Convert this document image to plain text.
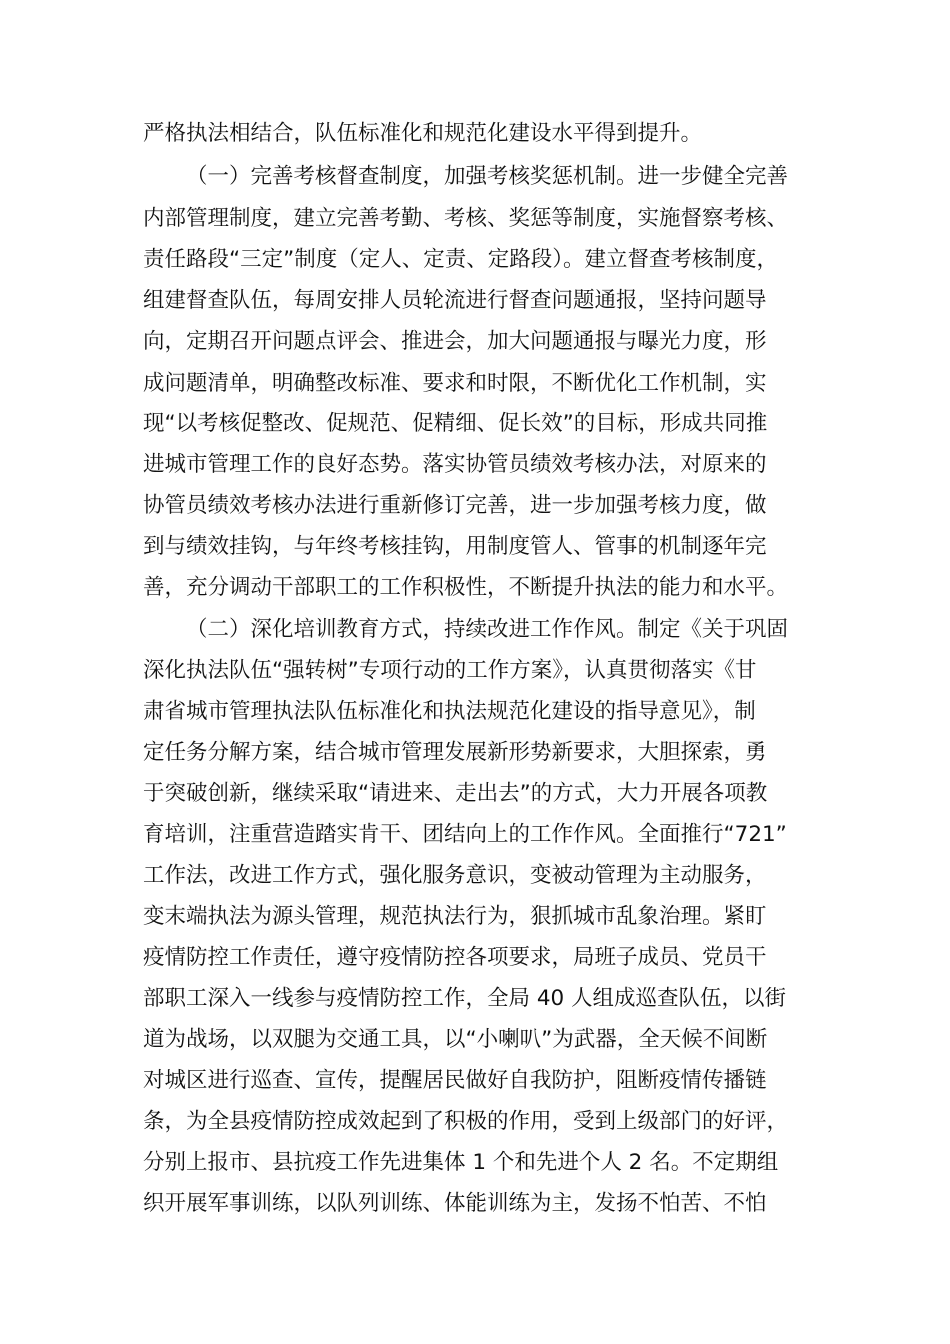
严格执法相结合，队伍标准化和规范化建设水平得到提升。
（一）完善考核督查制度，加强考核奖惩机制。进一步健全完善
内部管理制度，建立完善考勤、考核、奖惩等制度，实施督察考核、
责任路段“三定”制度（定人、定责、定路段）。建立督查考核制度，
组建督查队伍，每周安排人员轮流进行督查问题通报，坚持问题导
向，定期召开问题点评会、推进会，加大问题通报与曝光力度，形
成问题清单，明确整改标准、要求和时限，不断优化工作机制，实
现“以考核促整改、促规范、促精细、促长效”的目标，形成共同推
进城市管理工作的良好态势。落实协管员绩效考核办法，对原来的
协管员绩效考核办法进行重新修订完善，进一步加强考核力度，做
到与绩效挂钩，与年终考核挂钩，用制度管人、管事的机制逐年完
善，充分调动干部职工的工作积极性，不断提升执法的能力和水平。
（二）深化培训教育方式，持续改进工作作风。制定《关于巩固
深化执法队伍“强转树”专项行动的工作方案》，认真贯彻落实《甘
肃省城市管理执法队伍标准化和执法规范化建设的指导意见》，制
定任务分解方案，结合城市管理发展新形势新要求，大胆探索，勇
于突破创新，继续采取“请进来、走出去”的方式，大力开展各项教
育培训，注重营造踏实肯干、团结向上的工作作风。全面推行“721”
工作法，改进工作方式，强化服务意识，变被动管理为主动服务，
变末端执法为源头管理，规范执法行为，狠抓城市乱象治理。紧盯
疫情防控工作责任，遵守疫情防控各项要求，局班子成员、党员干
部职工深入一线参与疫情防控工作，全局 40 人组成巡查队伍，以街
道为战场，以双腿为交通工具，以“小喇叭”为武器，全天候不间断
对城区进行巡查、宣传，提醒居民做好自我防护，阻断疫情传播链
条，为全县疫情防控成效起到了积极的作用，受到上级部门的好评，
分别上报市、县抗疫工作先进集体 1 个和先进个人 2 名。不定期组
织开展军事训练，以队列训练、体能训练为主，发扬不怕苦、不怕
